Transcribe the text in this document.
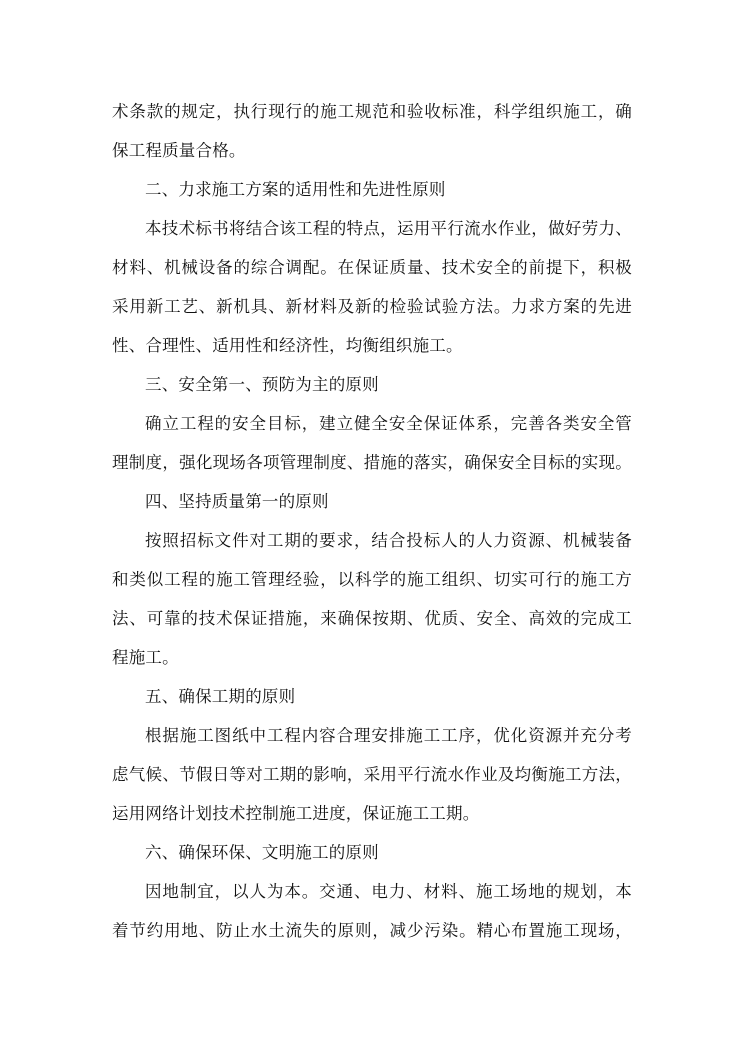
术条款的规定，执行现行的施工规范和验收标准，科学组织施工，确
保工程质量合格。
二、力求施工方案的适用性和先进性原则
本技术标书将结合该工程的特点，运用平行流水作业，做好劳力、
材料、机械设备的综合调配。在保证质量、技术安全的前提下，积极
采用新工艺、新机具、新材料及新的检验试验方法。力求方案的先进
性、合理性、适用性和经济性，均衡组织施工。
三、安全第一、预防为主的原则
确立工程的安全目标，建立健全安全保证体系，完善各类安全管
理制度，强化现场各项管理制度、措施的落实，确保安全目标的实现。
四、坚持质量第一的原则
按照招标文件对工期的要求，结合投标人的人力资源、机械装备
和类似工程的施工管理经验，以科学的施工组织、切实可行的施工方
法、可靠的技术保证措施，来确保按期、优质、安全、高效的完成工
程施工。
五、确保工期的原则
根据施工图纸中工程内容合理安排施工工序，优化资源并充分考
虑气候、节假日等对工期的影响，采用平行流水作业及均衡施工方法，
运用网络计划技术控制施工进度，保证施工工期。
六、确保环保、文明施工的原则
因地制宜，以人为本。交通、电力、材料、施工场地的规划，本
着节约用地、防止水土流失的原则，减少污染。精心布置施工现场，
